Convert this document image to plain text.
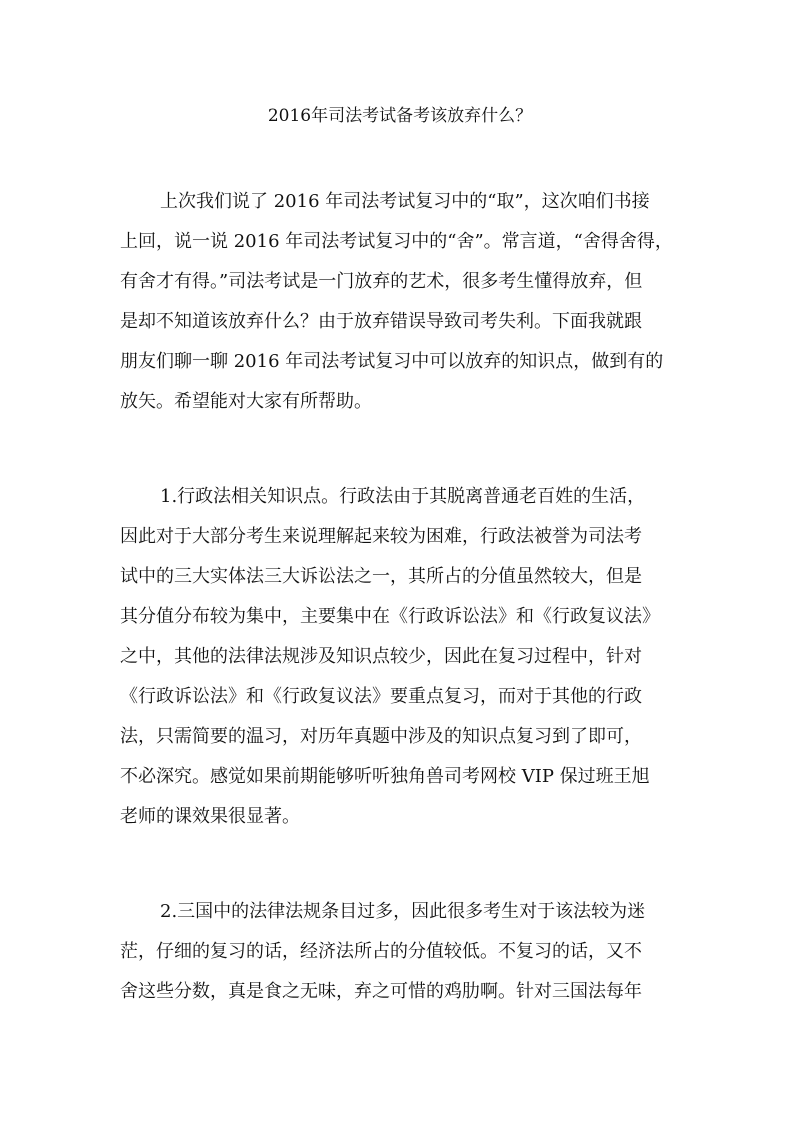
2016年司法考试备考该放弃什么？
上次我们说了 2016 年司法考试复习中的“取”，这次咱们书接
上回，说一说 2016 年司法考试复习中的“舍”。常言道，“舍得舍得，
有舍才有得。”司法考试是一门放弃的艺术，很多考生懂得放弃，但
是却不知道该放弃什么？由于放弃错误导致司考失利。下面我就跟
朋友们聊一聊 2016 年司法考试复习中可以放弃的知识点，做到有的
放矢。希望能对大家有所帮助。
1.行政法相关知识点。行政法由于其脱离普通老百姓的生活，
因此对于大部分考生来说理解起来较为困难，行政法被誉为司法考
试中的三大实体法三大诉讼法之一，其所占的分值虽然较大，但是
其分值分布较为集中，主要集中在《行政诉讼法》和《行政复议法》
之中，其他的法律法规涉及知识点较少，因此在复习过程中，针对
《行政诉讼法》和《行政复议法》要重点复习，而对于其他的行政
法，只需简要的温习，对历年真题中涉及的知识点复习到了即可，
不必深究。感觉如果前期能够听听独角兽司考网校 VIP 保过班王旭
老师的课效果很显著。
2.三国中的法律法规条目过多，因此很多考生对于该法较为迷
茫，仔细的复习的话，经济法所占的分值较低。不复习的话，又不
舍这些分数，真是食之无味，弃之可惜的鸡肋啊。针对三国法每年
